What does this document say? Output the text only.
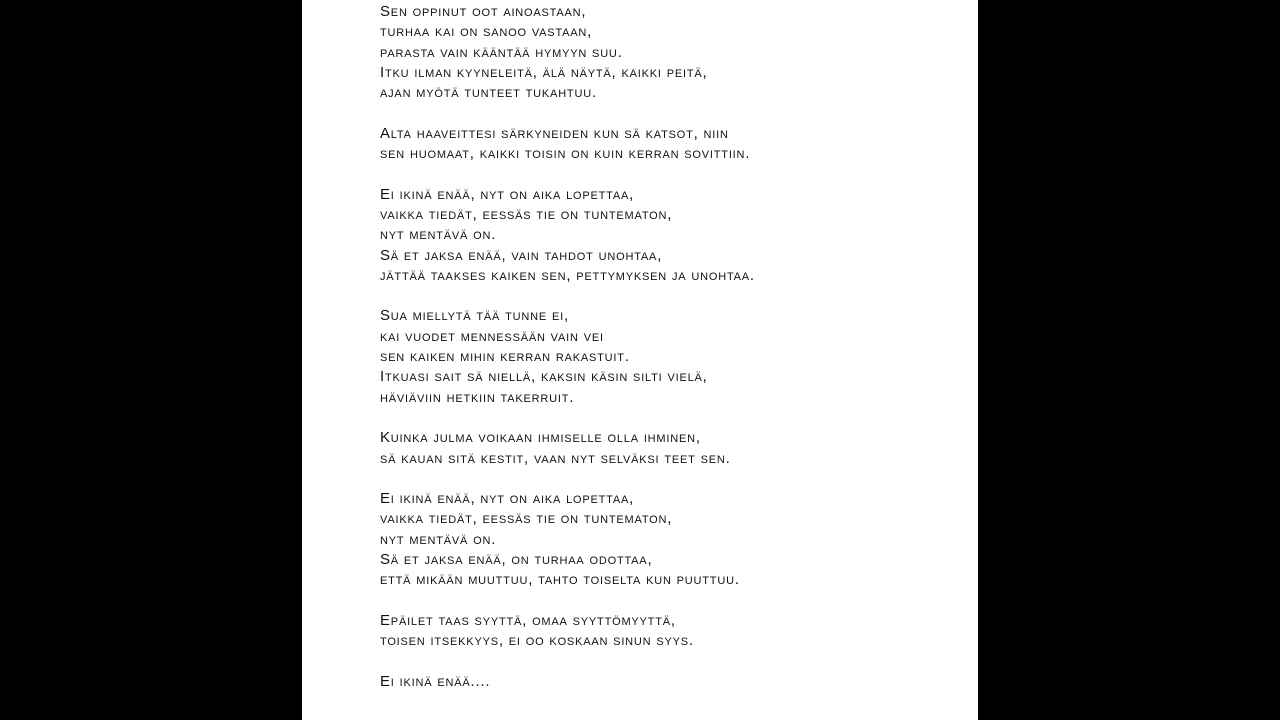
Sen oppinut oot ainoastaan,
turhaa kai on sanoo vastaan,
parasta vain kääntää hymyyn suu.
Itku ilman kyyneleitä, älä näytä, kaikki peitä,
ajan myötä tunteet tukahtuu.
Alta haaveittesi särkyneiden kun sä katsot, niin
sen huomaat, kaikki toisin on kuin kerran sovittiin.
Ei ikinä enää, nyt on aika lopettaa,
vaikka tiedät, eessäs tie on tuntematon,
nyt mentävä on.
Sä et jaksa enää, vain tahdot unohtaa,
jättää taakses kaiken sen, pettymyksen ja unohtaa.
Sua miellytä tää tunne ei,
kai vuodet mennessään vain vei
sen kaiken mihin kerran rakastuit.
Itkuasi sait sä niellä, kaksin käsin silti vielä,
häviäviin hetkiin takerruit.
Kuinka julma voikaan ihmiselle olla ihminen,
sä kauan sitä kestit, vaan nyt selväksi teet sen.
Ei ikinä enää, nyt on aika lopettaa,
vaikka tiedät, eessäs tie on tuntematon,
nyt mentävä on.
Sä et jaksa enää, on turhaa odottaa,
että mikään muuttuu, tahto toiselta kun puuttuu.
Epäilet taas syyttä, omaa syyttömyyttä,
toisen itsekkyys, ei oo koskaan sinun syys.
Ei ikinä enää....
